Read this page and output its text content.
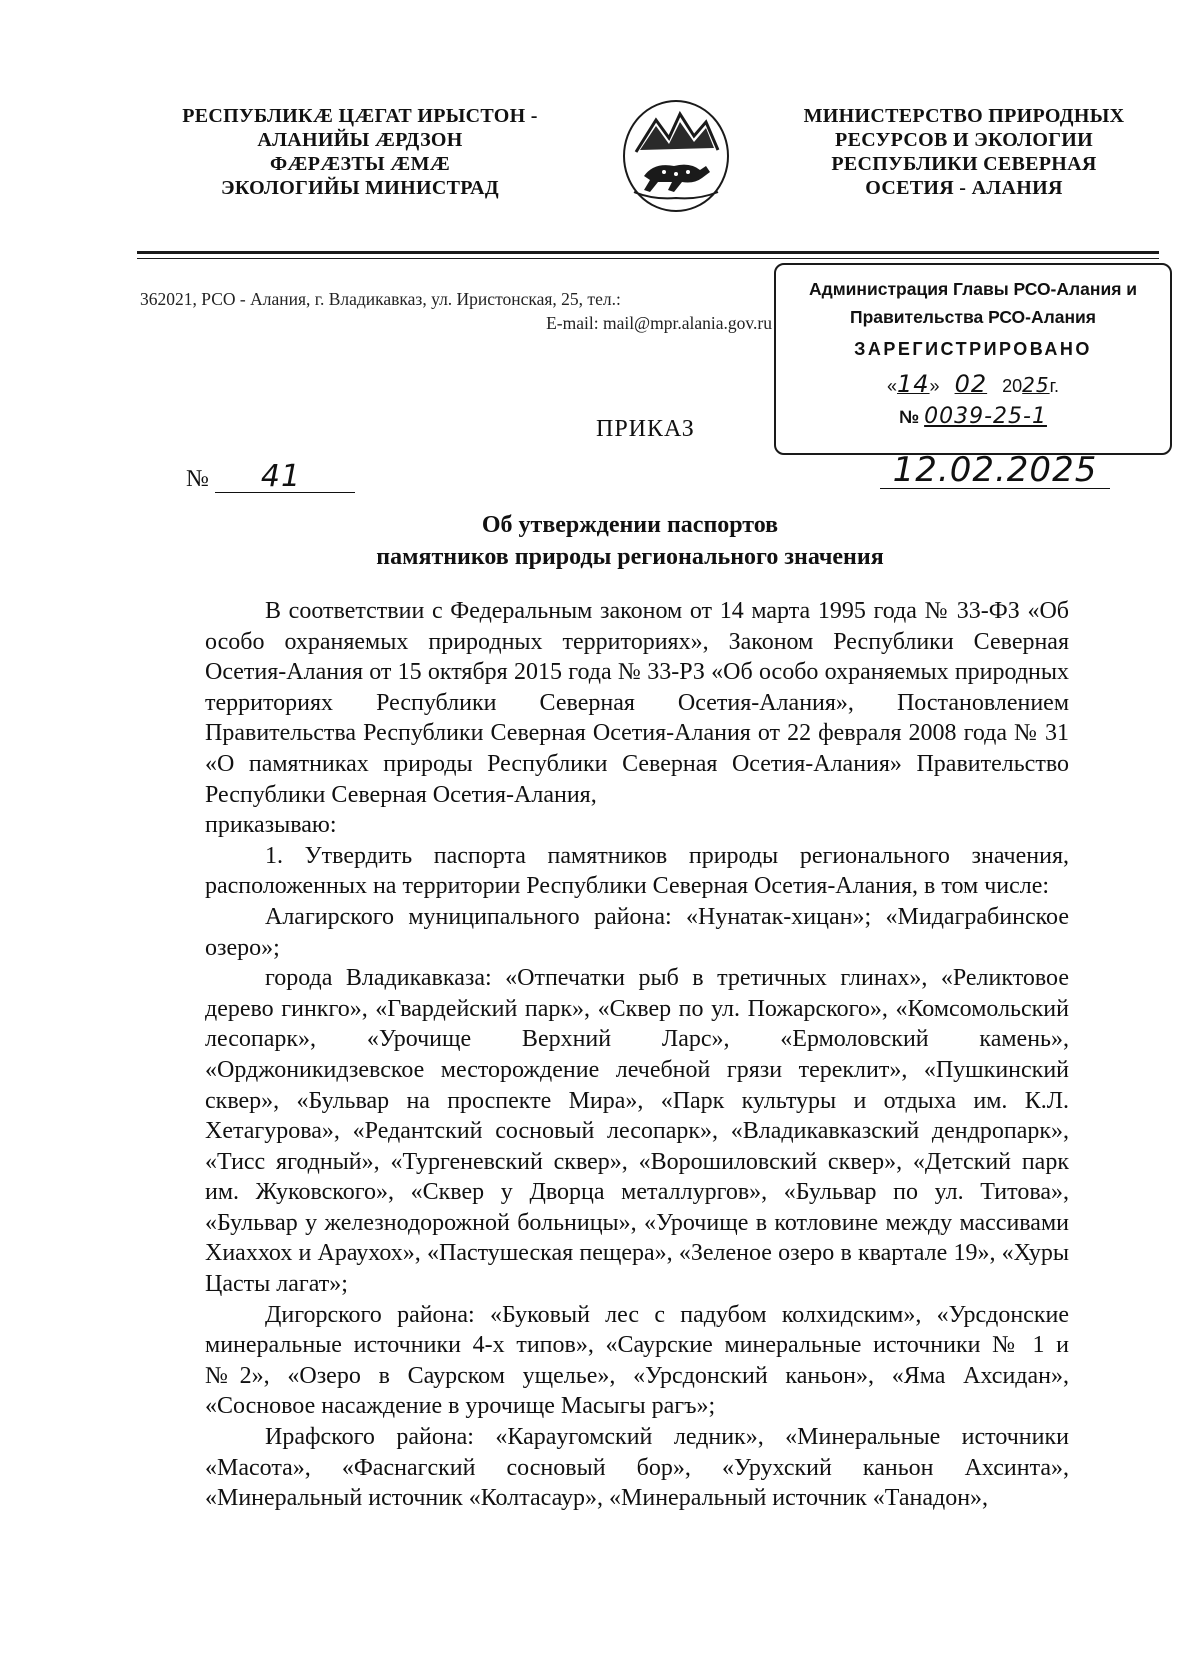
РЕСПУБЛИКӔ ЦӔГАТ ИРЫСТОН -
АЛАНИЙЫ ӔРДЗОН
ФӔРӔЗТЫ ӔМӔ
ЭКОЛОГИЙЫ МИНИСТРАД
МИНИСТЕРСТВО ПРИРОДНЫХ
РЕСУРСОВ И ЭКОЛОГИИ
РЕСПУБЛИКИ СЕВЕРНАЯ
ОСЕТИЯ - АЛАНИЯ
362021, РСО - Алания, г. Владикавказ, ул. Иристонская, 25, тел.:
E-mail: mail@mpr.alania.gov.ru
Администрация Главы РСО-Алания и
Правительства РСО-Алания
ЗАРЕГИСТРИРОВАНО
«14» 02 2025г.
№ 0039-25-1
ПРИКАЗ
№ 41	12.02.2025
Об утверждении паспортов
памятников природы регионального значения

В соответствии с Федеральным законом от 14 марта 1995 года № 33-ФЗ «Об особо охраняемых природных территориях», Законом Республики Северная Осетия-Алания от 15 октября 2015 года № 33-РЗ «Об особо охраняемых природных территориях Республики Северная Осетия-Алания», Постановлением Правительства Республики Северная Осетия-Алания от 22 февраля 2008 года № 31 «О памятниках природы Республики Северная Осетия-Алания» Правительство Республики Северная Осетия-Алания,

приказываю:

1. Утвердить паспорта памятников природы регионального значения, расположенных на территории Республики Северная Осетия-Алания, в том числе:

Алагирского муниципального района: «Нунатак-хицан»; «Мидаграбинское озеро»;

города Владикавказа: «Отпечатки рыб в третичных глинах», «Реликтовое дерево гинкго», «Гвардейский парк», «Сквер по ул. Пожарского», «Комсомольский лесопарк», «Урочище Верхний Ларс», «Ермоловский камень», «Орджоникидзевское месторождение лечебной грязи тереклит», «Пушкинский сквер», «Бульвар на проспекте Мира», «Парк культуры и отдыха им. К.Л. Хетагурова», «Редантский сосновый лесопарк», «Владикавказский дендропарк», «Тисс ягодный», «Тургеневский сквер», «Ворошиловский сквер», «Детский парк им. Жуковского», «Сквер у Дворца металлургов», «Бульвар по ул. Титова», «Бульвар у железнодорожной больницы», «Урочище в котловине между массивами Хиаххох и Араухох», «Пастушеская пещера», «Зеленое озеро в квартале 19», «Хуры Цасты лагат»;

Дигорского района: «Буковый лес с падубом колхидским», «Урсдонские минеральные источники 4-х типов», «Саурские минеральные источники № 1 и №2», «Озеро в Саурском ущелье», «Урсдонский каньон», «Яма Ахсидан», «Сосновое насаждение в урочище Масыгы рагъ»;

Ирафского района: «Карaугомский ледник», «Минеральные источники «Масота», «Фаснагский сосновый бор», «Урухский каньон Ахсинта», «Минеральный источник «Колтасаур», «Минеральный источник «Танадон»,
